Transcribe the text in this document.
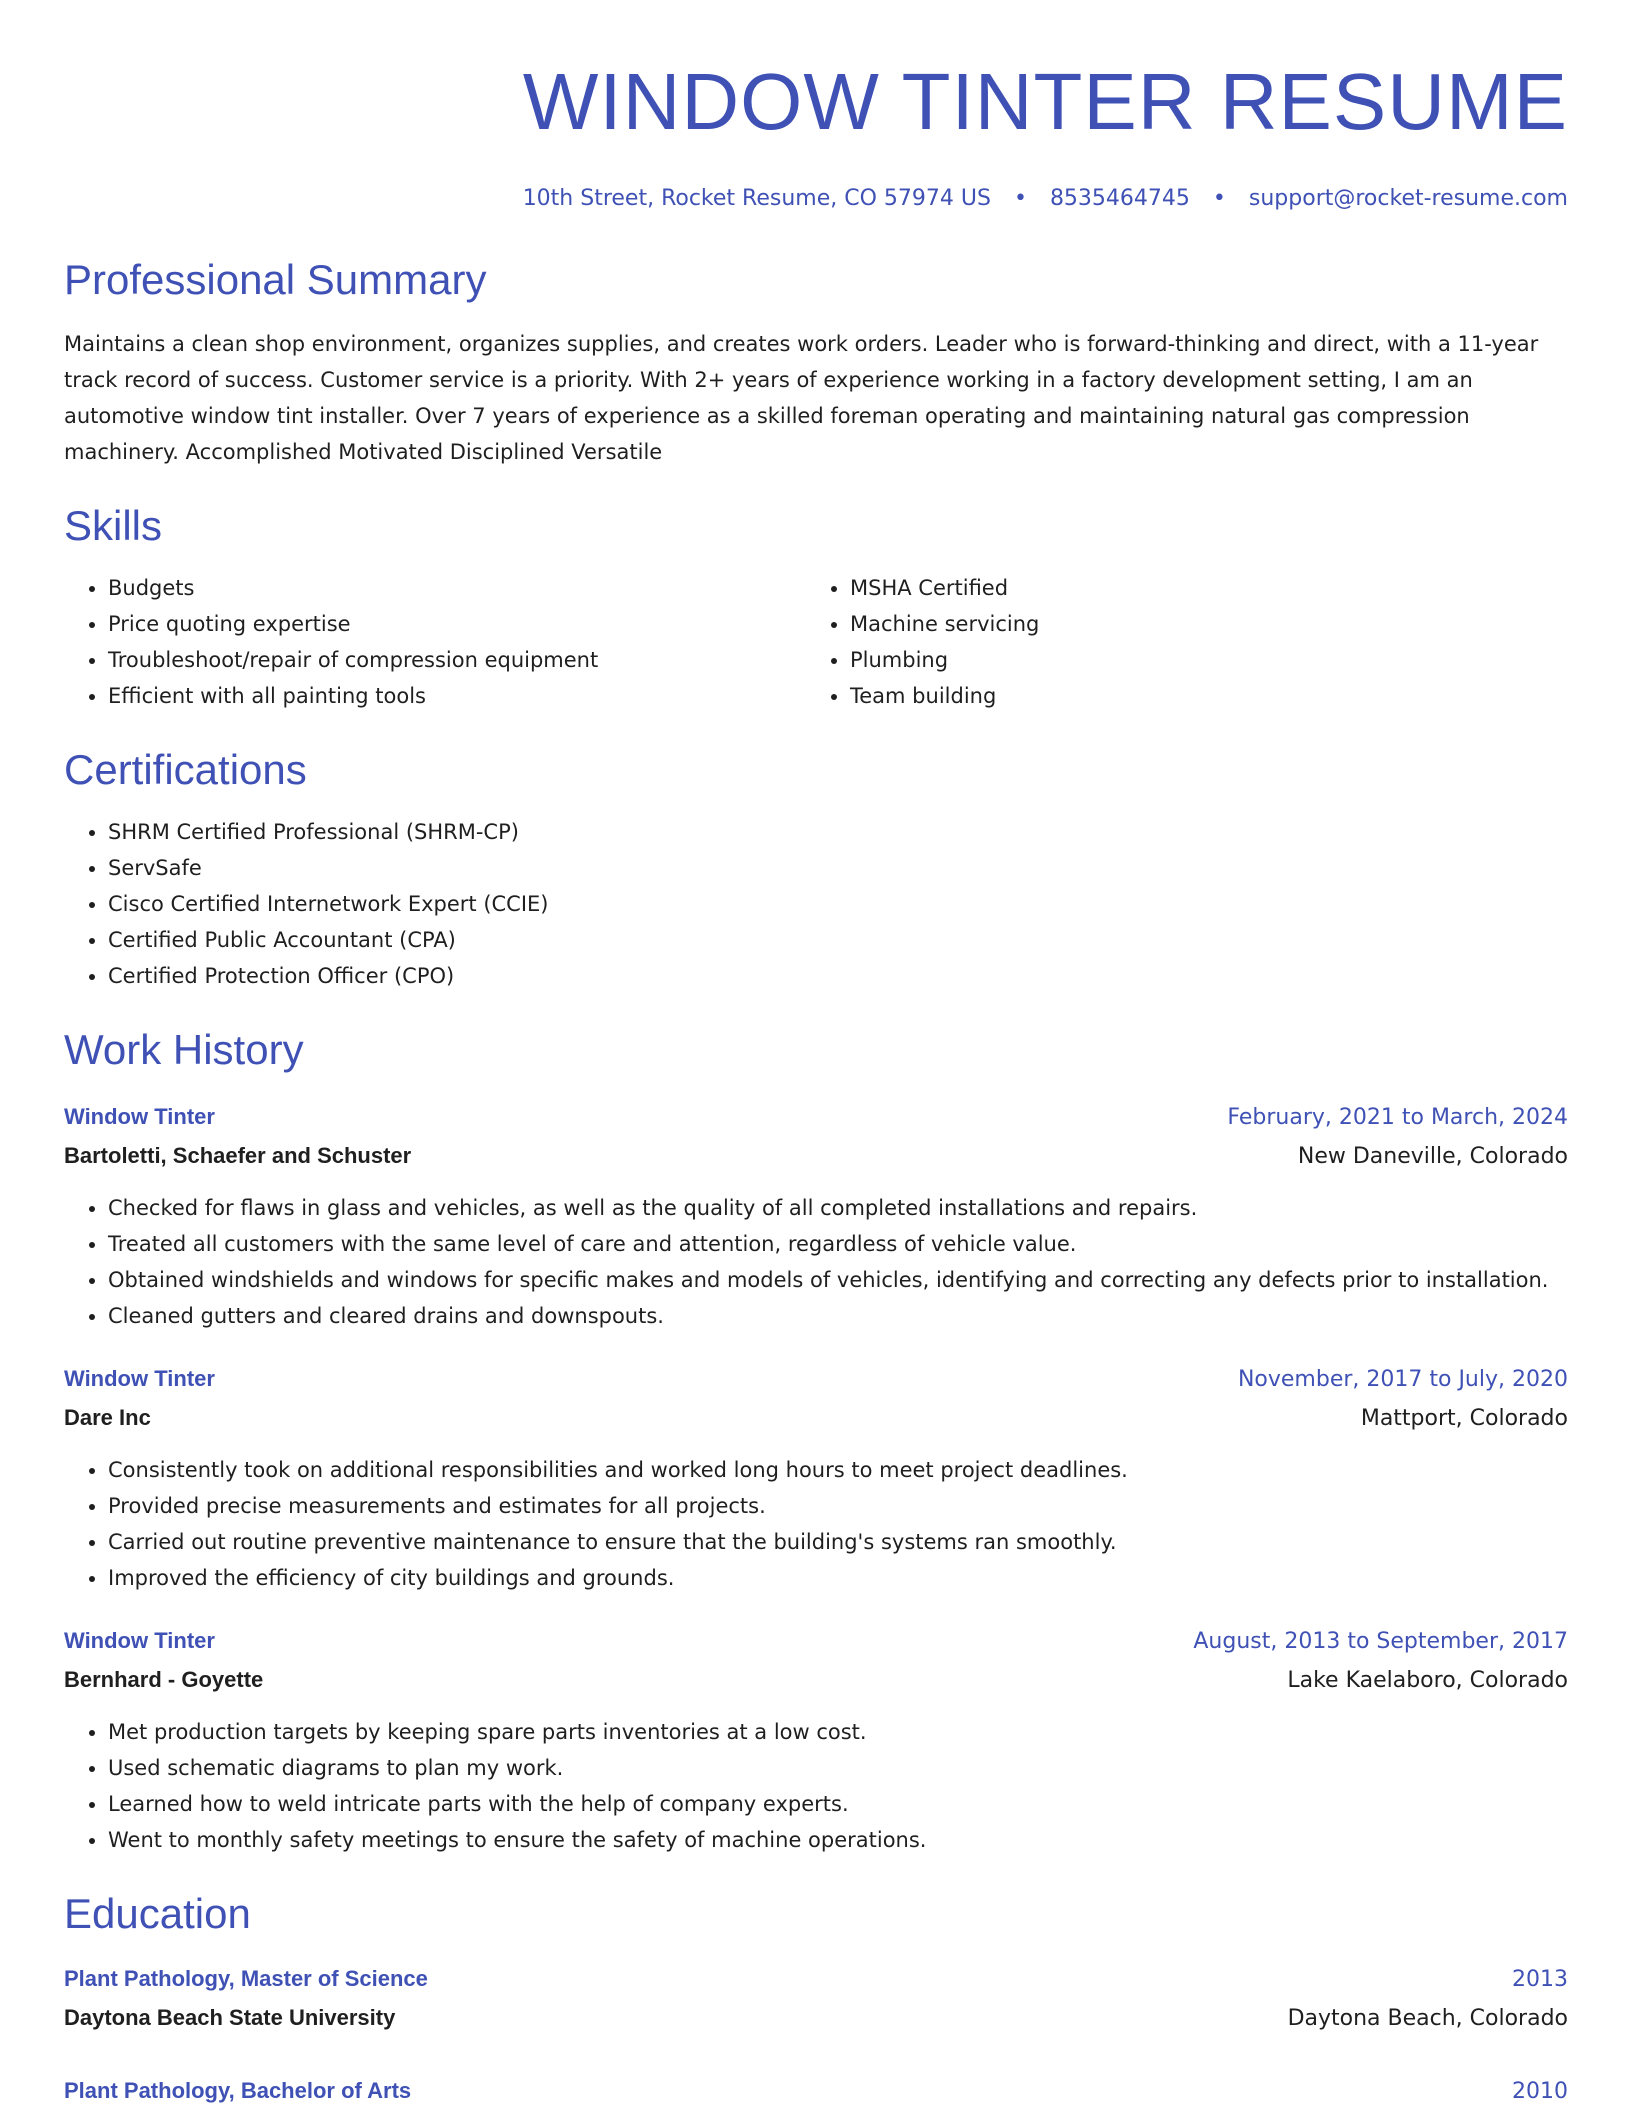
WINDOW TINTER RESUME
10th Street, Rocket Resume, CO 57974 US • 8535464745 • support@rocket-resume.com
Professional Summary
Maintains a clean shop environment, organizes supplies, and creates work orders. Leader who is forward-thinking and direct, with a 11-year track record of success. Customer service is a priority. With 2+ years of experience working in a factory development setting, I am an automotive window tint installer. Over 7 years of experience as a skilled foreman operating and maintaining natural gas compression machinery. Accomplished Motivated Disciplined Versatile
Skills
• Budgets
• Price quoting expertise
• Troubleshoot/repair of compression equipment
• Efficient with all painting tools
• MSHA Certified
• Machine servicing
• Plumbing
• Team building
Certifications
• SHRM Certified Professional (SHRM-CP)
• ServSafe
• Cisco Certified Internetwork Expert (CCIE)
• Certified Public Accountant (CPA)
• Certified Protection Officer (CPO)
Work History
Window Tinter	February, 2021 to March, 2024
Bartoletti, Schaefer and Schuster	New Daneville, Colorado
• Checked for flaws in glass and vehicles, as well as the quality of all completed installations and repairs.
• Treated all customers with the same level of care and attention, regardless of vehicle value.
• Obtained windshields and windows for specific makes and models of vehicles, identifying and correcting any defects prior to installation.
• Cleaned gutters and cleared drains and downspouts.
Window Tinter	November, 2017 to July, 2020
Dare Inc	Mattport, Colorado
• Consistently took on additional responsibilities and worked long hours to meet project deadlines.
• Provided precise measurements and estimates for all projects.
• Carried out routine preventive maintenance to ensure that the building's systems ran smoothly.
• Improved the efficiency of city buildings and grounds.
Window Tinter	August, 2013 to September, 2017
Bernhard - Goyette	Lake Kaelaboro, Colorado
• Met production targets by keeping spare parts inventories at a low cost.
• Used schematic diagrams to plan my work.
• Learned how to weld intricate parts with the help of company experts.
• Went to monthly safety meetings to ensure the safety of machine operations.
Education
Plant Pathology, Master of Science	2013
Daytona Beach State University	Daytona Beach, Colorado
Plant Pathology, Bachelor of Arts	2010
